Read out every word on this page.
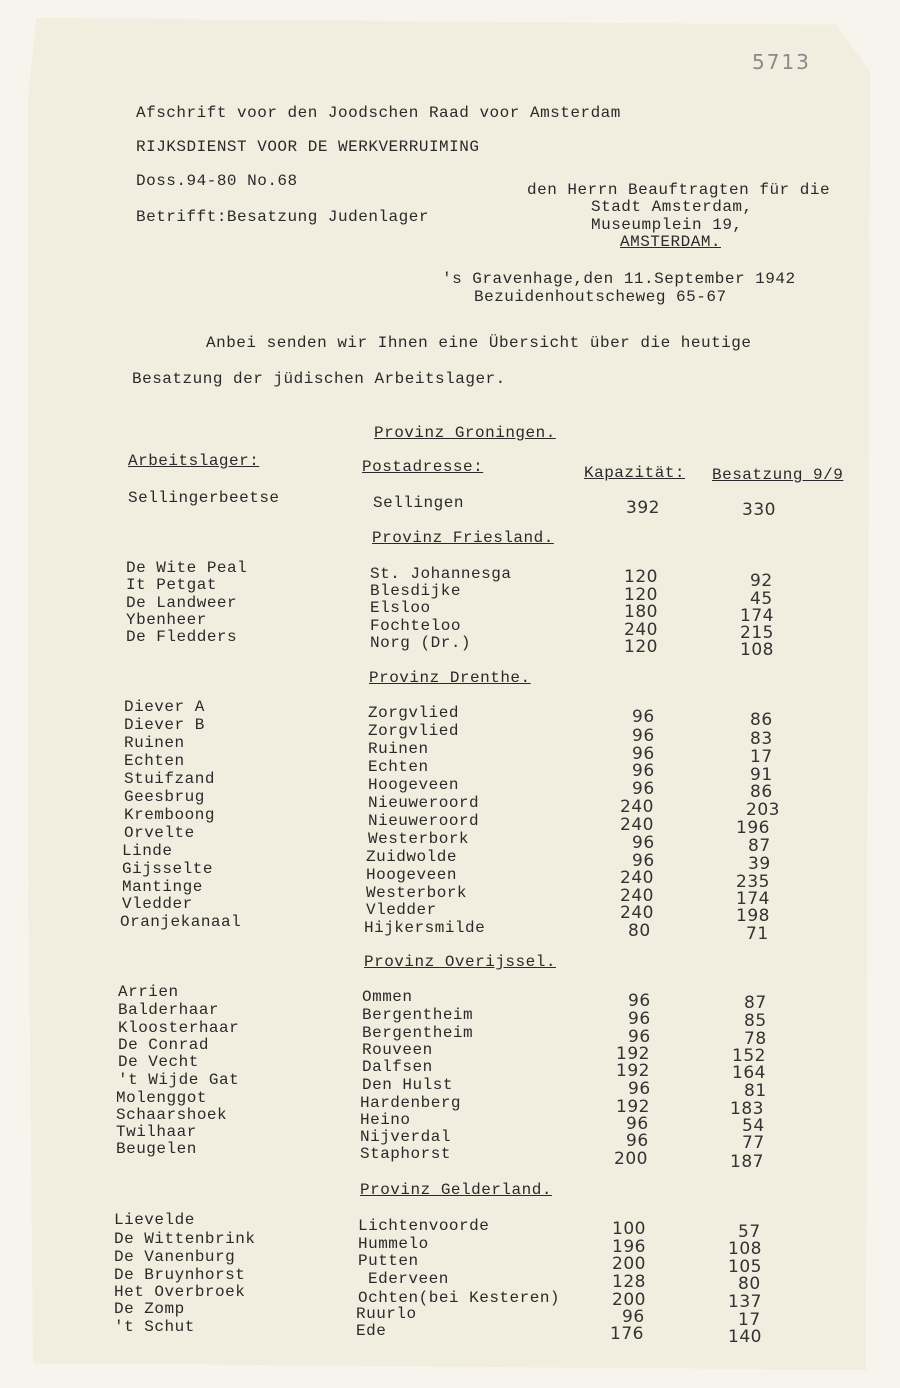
5713
Afschrift voor den Joodschen Raad voor Amsterdam
RIJKSDIENST VOOR DE WERKVERRUIMING
Doss.94-80 No.68
Betrifft:Besatzung Judenlager
den Herrn Beauftragten für die
Stadt Amsterdam,
Museumplein 19,
AMSTERDAM.
's Gravenhage,den 11.September 1942
Bezuidenhoutscheweg 65-67
Anbei senden wir Ihnen eine Übersicht über die heutige
Besatzung der jüdischen Arbeitslager.
Provinz Groningen.
Arbeitslager:	Postadresse:	Kapazität: Besatzung 9/9
Sellingerbeetse	Sellingen	392	330
Provinz Friesland.
De Wite Peal	St. Johannesga	120	92
It Petgat	Blesdijke	120	45
De Landweer	Elsloo	180	174
Ybenheer	Fochteloo	240	215
De Fledders	Norg (Dr.)	120	108
Provinz Drenthe.
Diever A	Zorgvlied	96	86
Diever B	Zorgvlied	96	83
Ruinen	Ruinen	96	17
Echten	Echten	96	91
Stuifzand	Hoogeveen	96	86
Geesbrug	Nieuweroord	240	203
Kremboong	Nieuweroord	240	196
Orvelte	Westerbork	96	87
Linde	Zuidwolde	96	39
Gijsselte	Hoogeveen	240	235
Mantinge	Westerbork	240	174
Vledder	Vledder	240	198
Oranjekanaal	Hijkersmilde	80	71
Provinz Overijssel.
Arrien	Ommen	96	87
Balderhaar	Bergentheim	96	85
Kloosterhaar	Bergentheim	96	78
De Conrad	Rouveen	192	152
De Vecht	Dalfsen	192	164
't Wijde Gat	Den Hulst	96	81
Molenggot	Hardenberg	192	183
Schaarshoek	Heino	96	54
Twilhaar	Nijverdal	96	77
Beugelen	Staphorst	200	187
Provinz Gelderland.
Lievelde	Lichtenvoorde	100	57
De Wittenbrink	Hummelo	196	108
De Vanenburg	Putten	200	105
De Bruynhorst	Ederveen	128	80
Het Overbroek	Ochten(bei Kesteren)	200	137
De Zomp	Ruurlo	96	17
't Schut	Ede	176	140
